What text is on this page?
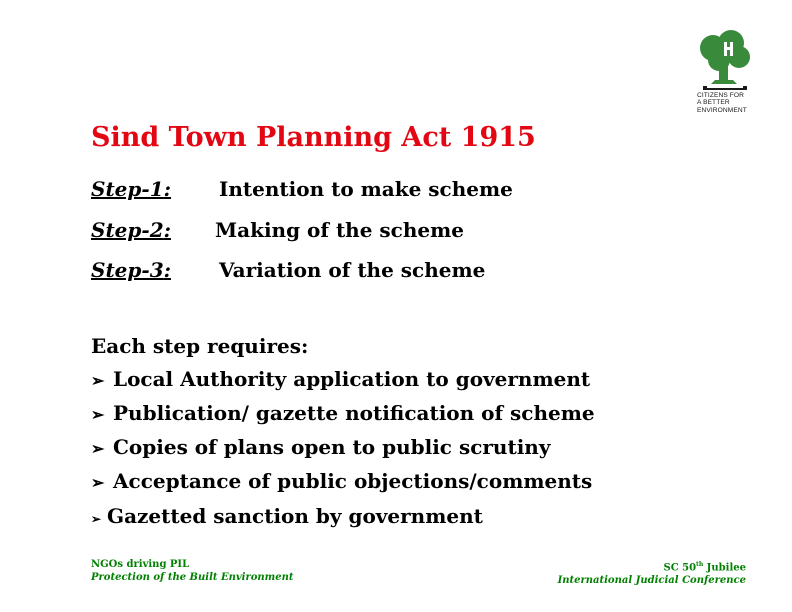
CITIZENS FOR
A BETTER
ENVIRONMENT
Sind Town Planning Act 1915
Step-1: Intention to make scheme
Step-2: Making of the scheme
Step-3: Variation of the scheme
Each step requires:
➢ Local Authority application to government
➢ Publication/ gazette notification of scheme
➢ Copies of plans open to public scrutiny
➢ Acceptance of public objections/comments
➢ Gazetted sanction by government
NGOs driving PIL
Protection of the Built Environment
SC 50th Jubilee
International Judicial Conference
